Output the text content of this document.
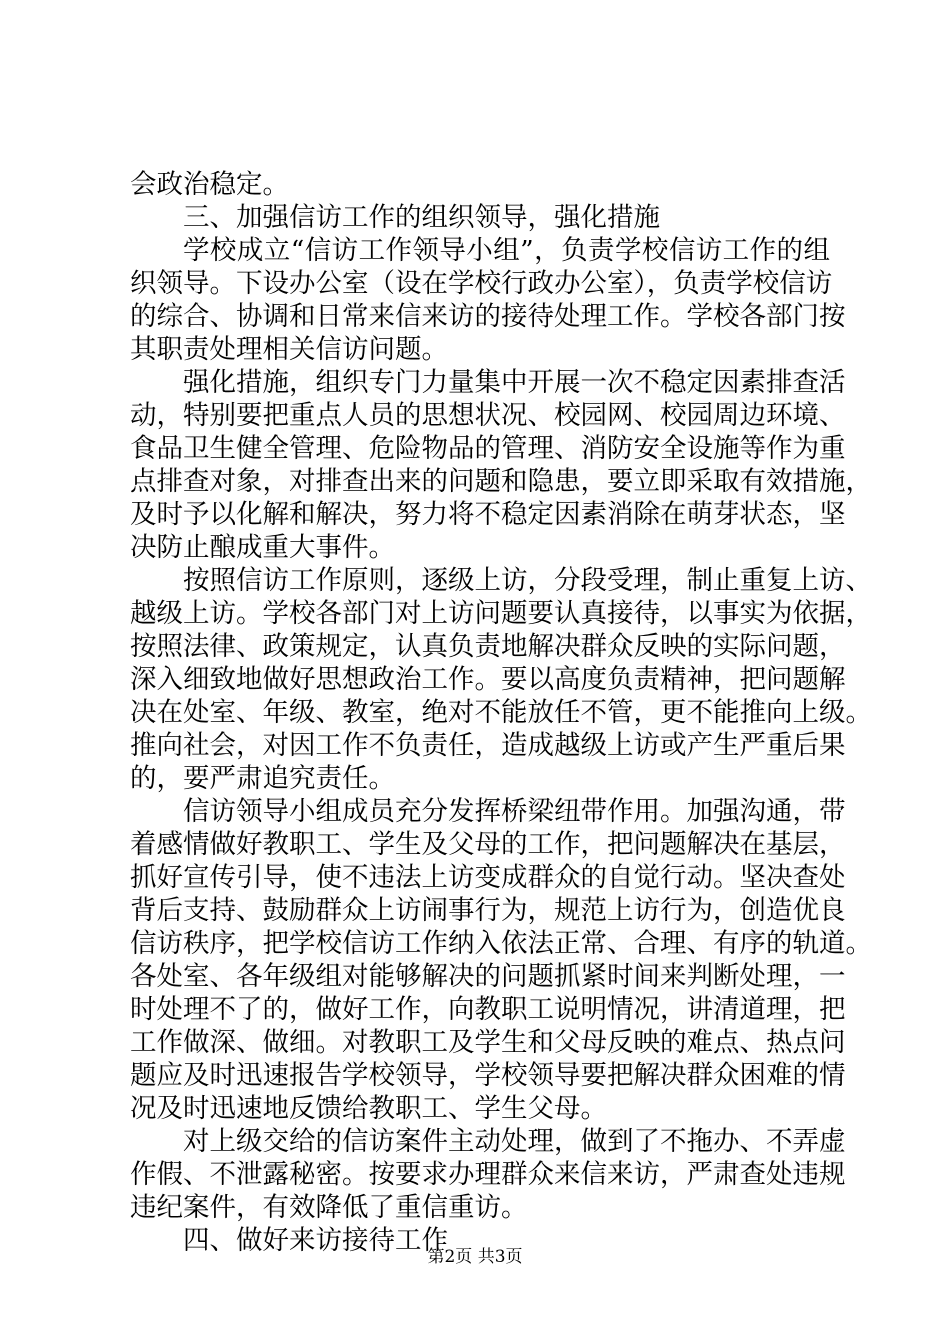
会政治稳定。
三、加强信访工作的组织领导，强化措施
学校成立“信访工作领导小组”，负责学校信访工作的组
织领导。下设办公室（设在学校行政办公室），负责学校信访
的综合、协调和日常来信来访的接待处理工作。学校各部门按
其职责处理相关信访问题。
强化措施，组织专门力量集中开展一次不稳定因素排查活
动，特别要把重点人员的思想状况、校园网、校园周边环境、
食品卫生健全管理、危险物品的管理、消防安全设施等作为重
点排查对象，对排查出来的问题和隐患，要立即采取有效措施，
及时予以化解和解决，努力将不稳定因素消除在萌芽状态，坚
决防止酿成重大事件。
按照信访工作原则，逐级上访，分段受理，制止重复上访、
越级上访。学校各部门对上访问题要认真接待，以事实为依据，
按照法律、政策规定，认真负责地解决群众反映的实际问题，
深入细致地做好思想政治工作。要以高度负责精神，把问题解
决在处室、年级、教室，绝对不能放任不管，更不能推向上级。
推向社会，对因工作不负责任，造成越级上访或产生严重后果
的，要严肃追究责任。
信访领导小组成员充分发挥桥梁纽带作用。加强沟通，带
着感情做好教职工、学生及父母的工作，把问题解决在基层，
抓好宣传引导，使不违法上访变成群众的自觉行动。坚决查处
背后支持、鼓励群众上访闹事行为，规范上访行为，创造优良
信访秩序，把学校信访工作纳入依法正常、合理、有序的轨道。
各处室、各年级组对能够解决的问题抓紧时间来判断处理，一
时处理不了的，做好工作，向教职工说明情况，讲清道理，把
工作做深、做细。对教职工及学生和父母反映的难点、热点问
题应及时迅速报告学校领导，学校领导要把解决群众困难的情
况及时迅速地反馈给教职工、学生父母。
对上级交给的信访案件主动处理，做到了不拖办、不弄虚
作假、不泄露秘密。按要求办理群众来信来访，严肃查处违规
违纪案件，有效降低了重信重访。
四、做好来访接待工作
第2页 共3页
